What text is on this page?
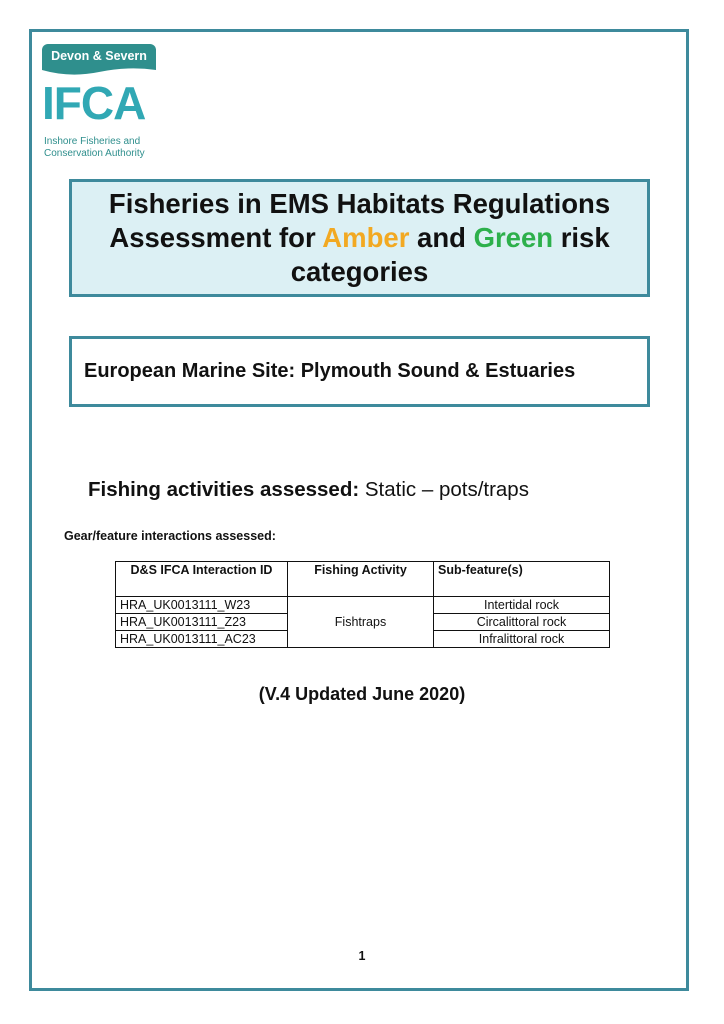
Devon & Severn
IFCA
Inshore Fisheries and
Conservation Authority
Fisheries in EMS Habitats Regulations Assessment for Amber and Green risk categories
European Marine Site: Plymouth Sound & Estuaries
Fishing activities assessed: Static – pots/traps
Gear/feature interactions assessed:
D&S IFCA Interaction ID	Fishing Activity	Sub-feature(s)
HRA_UK0013111_W23	Fishtraps	Intertidal rock
HRA_UK0013111_Z23		Circalittoral rock
HRA_UK0013111_AC23		Infralittoral rock
(V.4 Updated June 2020)
1
